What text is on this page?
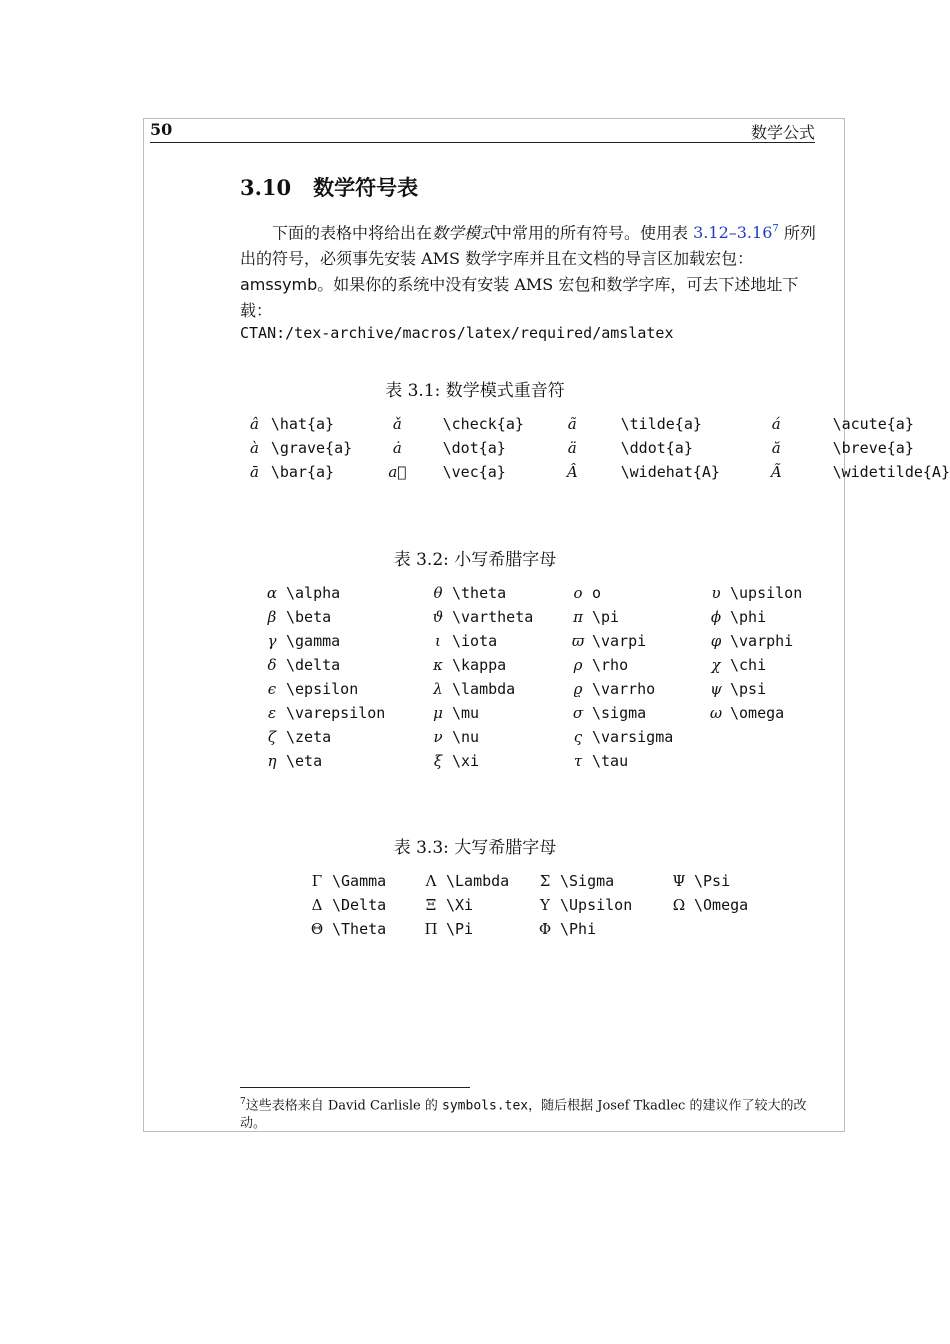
50	数学公式
3.10 数学符号表

下面的表格中将给出在数学模式中常用的所有符号。使用表 3.12–3.16$^7$ 所列出的符号，必须事先安装 AMS 数学字库并且在文档的导言区加载宏包：amssymb。如果你的系统中没有安装 AMS 宏包和数学字库，可去下述地址下载：

CTAN:/tex-archive/macros/latex/required/amslatex
表 3.1: 数学模式重音符
â	\hat{a}	ǎ	\check{a}	ã	\tilde{a}	á	\acute{a}
à	\grave{a}	ȧ	\dot{a}	ä	\ddot{a}	ă	\breve{a}
ā	\bar{a}	a⃗	\vec{a}	Â	\widehat{A}	Ã	\widetilde{A}
表 3.2: 小写希腊字母
α	\alpha	θ	\theta	o	o	υ	\upsilon
β	\beta	ϑ	\vartheta	π	\pi	ϕ	\phi
γ	\gamma	ι	\iota	ϖ	\varpi	φ	\varphi
δ	\delta	κ	\kappa	ρ	\rho	χ	\chi
ϵ	\epsilon	λ	\lambda	ϱ	\varrho	ψ	\psi
ε	\varepsilon	μ	\mu	σ	\sigma	ω	\omega
ζ	\zeta	ν	\nu	ς	\varsigma		
η	\eta	ξ	\xi	τ	\tau		
表 3.3: 大写希腊字母
Γ	\Gamma	Λ	\Lambda	Σ	\Sigma	Ψ	\Psi
Δ	\Delta	Ξ	\Xi	Υ	\Upsilon	Ω	\Omega
Θ	\Theta	Π	\Pi	Φ	\Phi		
$^7$这些表格来自 David Carlisle 的 symbols.tex，随后根据 Josef Tkadlec 的建议作了较大的改动。
